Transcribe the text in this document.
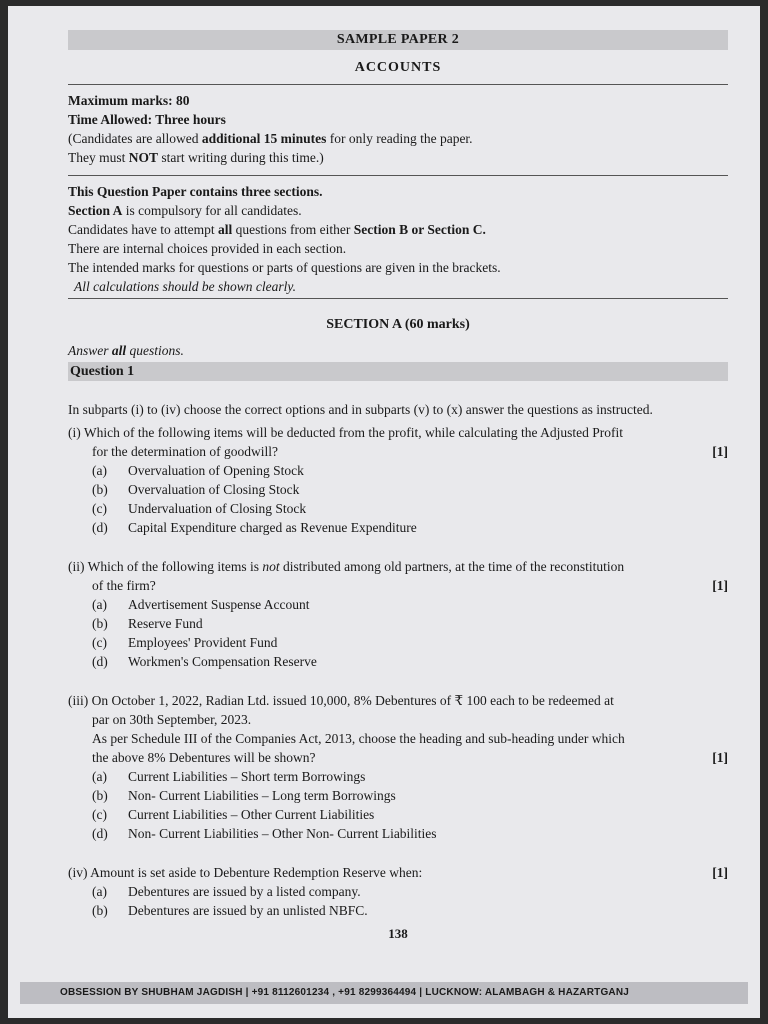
SAMPLE PAPER 2
ACCOUNTS
Maximum marks: 80
Time Allowed: Three hours
(Candidates are allowed additional 15 minutes for only reading the paper.
They must NOT start writing during this time.)
This Question Paper contains three sections.
Section A is compulsory for all candidates.
Candidates have to attempt all questions from either Section B or Section C.
There are internal choices provided in each section.
The intended marks for questions or parts of questions are given in the brackets.
All calculations should be shown clearly.
SECTION A (60 marks)
Answer all questions.
Question 1
In subparts (i) to (iv) choose the correct options and in subparts (v) to (x) answer the questions as instructed.
(i) Which of the following items will be deducted from the profit, while calculating the Adjusted Profit
for the determination of goodwill?	[1]
(a)	Overvaluation of Opening Stock
(b)	Overvaluation of Closing Stock
(c)	Undervaluation of Closing Stock
(d)	Capital Expenditure charged as Revenue Expenditure
(ii) Which of the following items is not distributed among old partners, at the time of the reconstitution
of the firm?	[1]
(a)	Advertisement Suspense Account
(b)	Reserve Fund
(c)	Employees' Provident Fund
(d)	Workmen's Compensation Reserve
(iii) On October 1, 2022, Radian Ltd. issued 10,000, 8% Debentures of ₹ 100 each to be redeemed at
par on 30th September, 2023.
As per Schedule III of the Companies Act, 2013, choose the heading and sub-heading under which
the above 8% Debentures will be shown?	[1]
(a)	Current Liabilities – Short term Borrowings
(b)	Non- Current Liabilities – Long term Borrowings
(c)	Current Liabilities – Other Current Liabilities
(d)	Non- Current Liabilities – Other Non- Current Liabilities
(iv) Amount is set aside to Debenture Redemption Reserve when:	[1]
(a)	Debentures are issued by a listed company.
(b)	Debentures are issued by an unlisted NBFC.
138
OBSESSION BY SHUBHAM JAGDISH | +91 8112601234 , +91 8299364494 | LUCKNOW: ALAMBAGH & HAZARTGANJ
